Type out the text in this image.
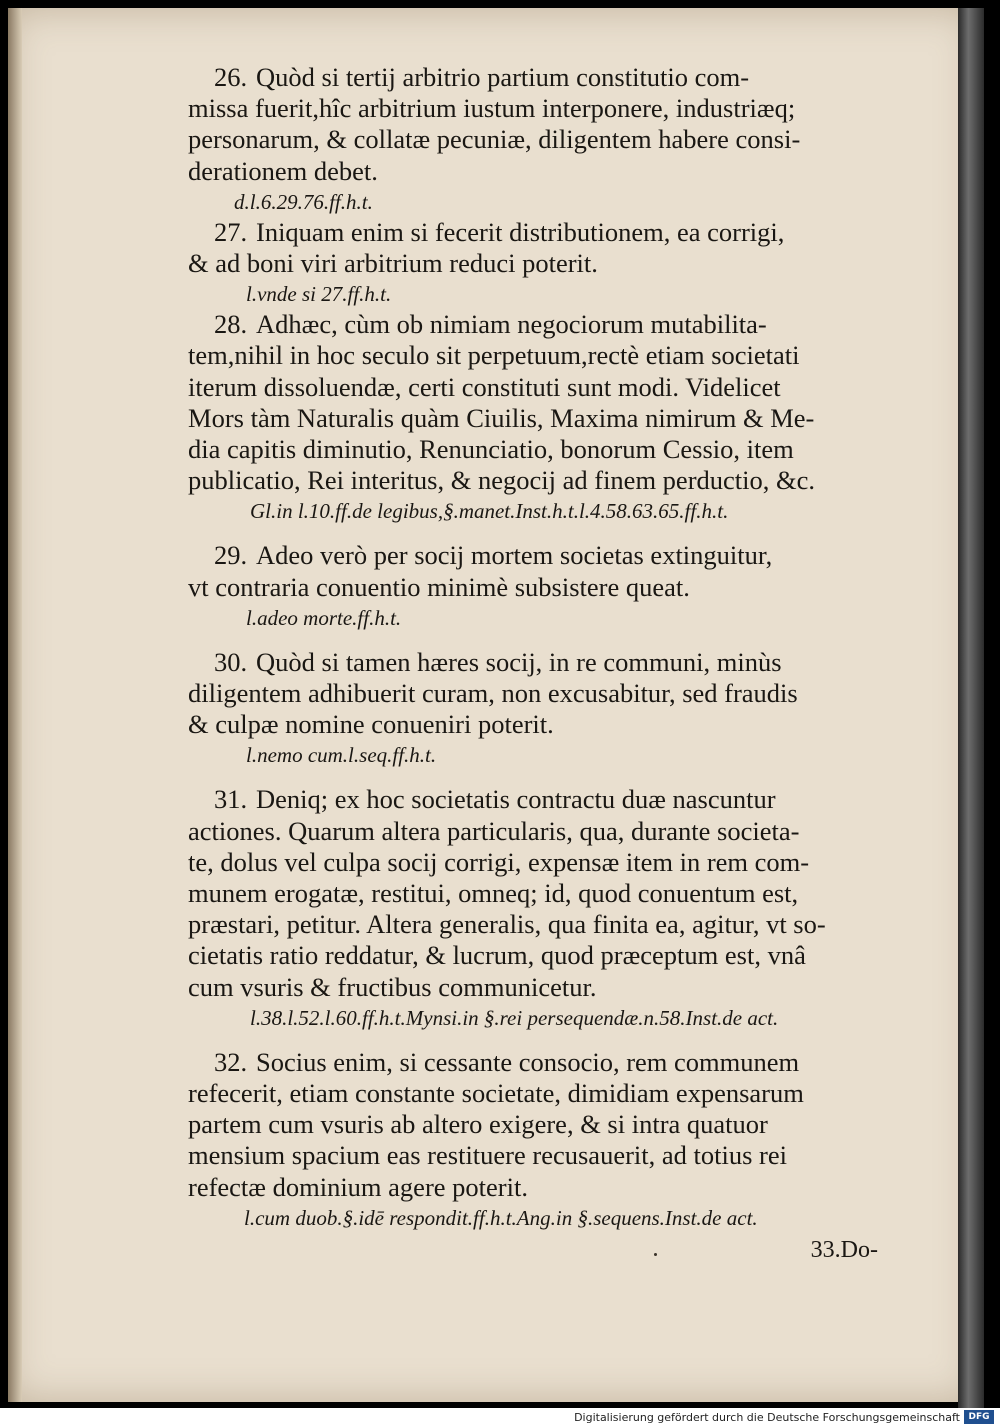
26. Quòd si tertij arbitrio partium constitutio com-

missa fuerit,hîc arbitrium iustum interponere, industriæq;

personarum, & collatæ pecuniæ, diligentem habere consi-

derationem debet.

d.l.6.29.76.ff.h.t.

27. Iniquam enim si fecerit distributionem, ea corrigi,

& ad boni viri arbitrium reduci poterit.

l.vnde si 27.ff.h.t.

28. Adhæc, cùm ob nimiam negociorum mutabilita-

tem,nihil in hoc seculo sit perpetuum,rectè etiam societati

iterum dissoluendæ, certi constituti sunt modi. Videlicet

Mors tàm Naturalis quàm Ciuilis, Maxima nimirum & Me-

dia capitis diminutio, Renunciatio, bonorum Cessio, item

publicatio, Rei interitus, & negocij ad finem perductio, &c.

Gl.in l.10.ff.de legibus,§.manet.Inst.h.t.l.4.58.63.65.ff.h.t.

29. Adeo verò per socij mortem societas extinguitur,

vt contraria conuentio minimè subsistere queat.

l.adeo morte.ff.h.t.

30. Quòd si tamen hæres socij, in re communi, minùs

diligentem adhibuerit curam, non excusabitur, sed fraudis

& culpæ nomine conueniri poterit.

l.nemo cum.l.seq.ff.h.t.

31. Deniq; ex hoc societatis contractu duæ nascuntur

actiones. Quarum altera particularis, qua, durante societa-

te, dolus vel culpa socij corrigi, expensæ item in rem com-

munem erogatæ, restitui, omneq; id, quod conuentum est,

præstari, petitur. Altera generalis, qua finita ea, agitur, vt so-

cietatis ratio reddatur, & lucrum, quod præceptum est, vnâ

cum vsuris & fructibus communicetur.

l.38.l.52.l.60.ff.h.t.Mynsi.in §.rei persequendæ.n.58.Inst.de act.

32. Socius enim, si cessante consocio, rem communem

refecerit, etiam constante societate, dimidiam expensarum

partem cum vsuris ab altero exigere, & si intra quatuor

mensium spacium eas restituere recusauerit, ad totius rei

refectæ dominium agere poterit.

l.cum duob.§.idē respondit.ff.h.t.Ang.in §.sequens.Inst.de act.

33.Do-

Digitalisierung gefördert durch die Deutsche Forschungsgemeinschaft DFG
